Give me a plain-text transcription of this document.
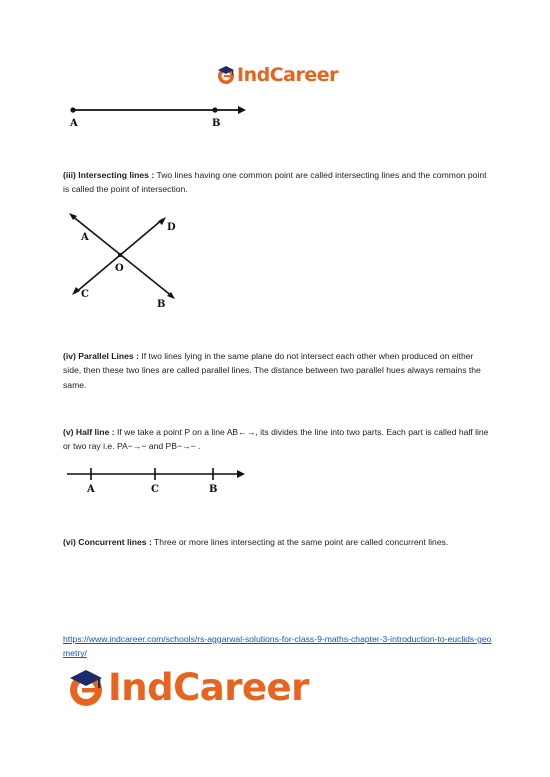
IndCareer
A	B
(iii) Intersecting lines : Two lines having one common point are called intersecting lines and the common point is called the point of intersection.
A
D
O
C
B
(iv) Parallel Lines : If two lines lying in the same plane do not intersect each other when produced on either side, then these two lines are called parallel lines. The distance between two parallel hues always remains the same.
(v) Half line : If we take a point P on a line AB←→, its divides the line into two parts. Each part is called half line or two ray i.e. PA−→− and PB−→− .
A	C	B
(vi) Concurrent lines : Three or more lines intersecting at the same point are called concurrent lines.
https://www.indcareer.com/schools/rs-aggarwal-solutions-for-class-9-maths-chapter-3-introduction-to-euclids-geometry/
IndCareer
